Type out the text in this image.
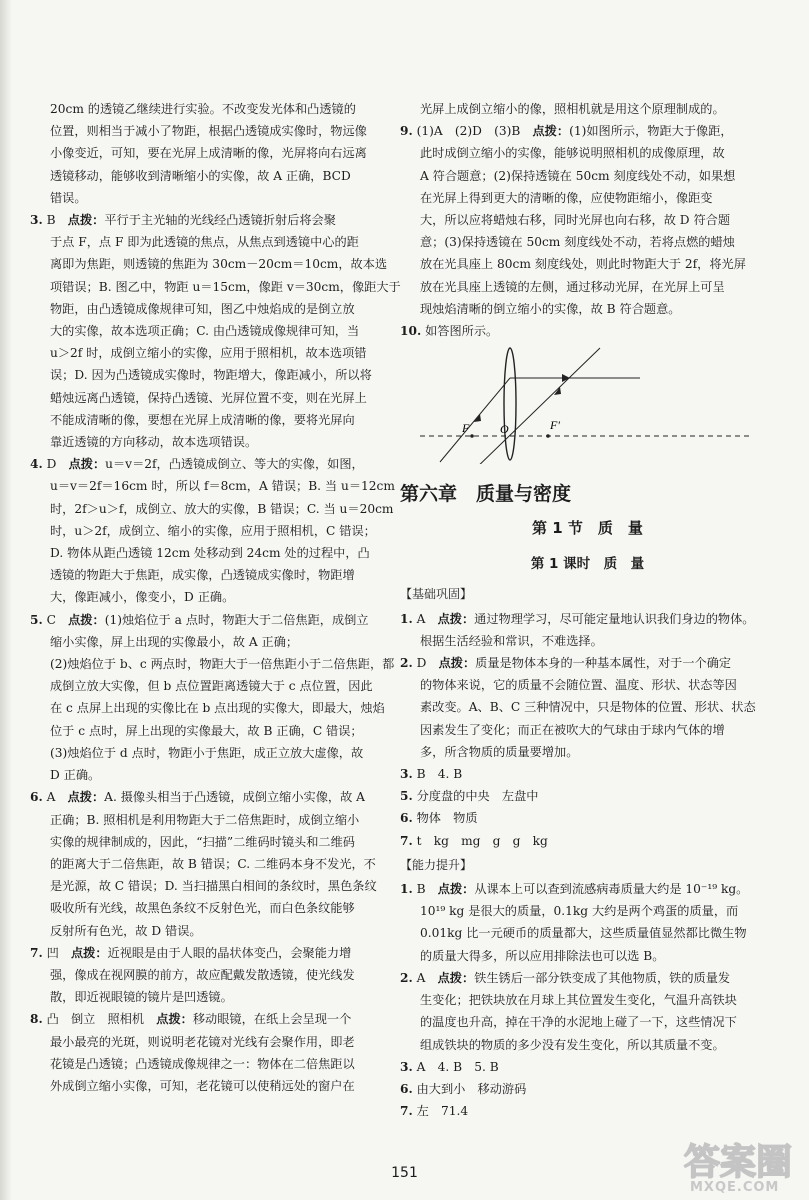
20cm 的透镜乙继续进行实验。不改变发光体和凸透镜的

位置，则相当于减小了物距，根据凸透镜成实像时，物远像

小像变近，可知，要在光屏上成清晰的像，光屏将向右远离

透镜移动，能够收到清晰缩小的实像，故 A 正确，BCD

错误。

3. B　 点拨：平行于主光轴的光线经凸透镜折射后将会聚

于点 F，点 F 即为此透镜的焦点，从焦点到透镜中心的距

离即为焦距，则透镜的焦距为 30cm－20cm＝10cm，故本选

项错误；B. 图乙中，物距 u＝15cm，像距 v＝30cm，像距大于

物距，由凸透镜成像规律可知，图乙中烛焰成的是倒立放

大的实像，故本选项正确；C. 由凸透镜成像规律可知，当

u＞2f 时，成倒立缩小的实像，应用于照相机，故本选项错

误；D. 因为凸透镜成实像时，物距增大，像距减小，所以将

蜡烛远离凸透镜，保持凸透镜、光屏位置不变，则在光屏上

不能成清晰的像，要想在光屏上成清晰的像，要将光屏向

靠近透镜的方向移动，故本选项错误。

4. D　 点拨：u＝v＝2f，凸透镜成倒立、等大的实像，如图，

u＝v＝2f＝16cm 时，所以 f＝8cm，A 错误；B. 当 u＝12cm

时，2f＞u＞f，成倒立、放大的实像，B 错误；C. 当 u＝20cm

时，u＞2f，成倒立、缩小的实像，应用于照相机，C 错误；

D. 物体从距凸透镜 12cm 处移动到 24cm 处的过程中，凸

透镜的物距大于焦距，成实像，凸透镜成实像时，物距增

大，像距减小，像变小，D 正确。

5. C　 点拨：(1)烛焰位于 a 点时，物距大于二倍焦距，成倒立

缩小实像，屏上出现的实像最小，故 A 正确；

(2)烛焰位于 b、c 两点时，物距大于一倍焦距小于二倍焦距，都

成倒立放大实像，但 b 点位置距离透镜大于 c 点位置，因此

在 c 点屏上出现的实像比在 b 点出现的实像大，即最大，烛焰

位于 c 点时，屏上出现的实像最大，故 B 正确，C 错误；

(3)烛焰位于 d 点时，物距小于焦距，成正立放大虚像，故

D 正确。

6. A　 点拨：A. 摄像头相当于凸透镜，成倒立缩小实像，故 A

正确；B. 照相机是利用物距大于二倍焦距时，成倒立缩小

实像的规律制成的，因此，“扫描”二维码时镜头和二维码

的距离大于二倍焦距，故 B 错误；C. 二维码本身不发光，不

是光源，故 C 错误；D. 当扫描黑白相间的条纹时，黑色条纹

吸收所有光线，故黑色条纹不反射色光，而白色条纹能够

反射所有色光，故 D 错误。

7. 凹　 点拨：近视眼是由于人眼的晶状体变凸，会聚能力增

强，像成在视网膜的前方，故应配戴发散透镜，使光线发

散，即近视眼镜的镜片是凹透镜。

8. 凸　倒立　照相机　 点拨：移动眼镜，在纸上会呈现一个

最小最亮的光斑，则说明老花镜对光线有会聚作用，即老

花镜是凸透镜；凸透镜成像规律之一：物体在二倍焦距以

外成倒立缩小实像，可知，老花镜可以使稍远处的窗户在

光屏上成倒立缩小的像，照相机就是用这个原理制成的。

9. (1)A　(2)D　(3)B　 点拨：(1)如图所示，物距大于像距，

此时成倒立缩小的实像，能够说明照相机的成像原理，故

A 符合题意；(2)保持透镜在 50cm 刻度线处不动，如果想

在光屏上得到更大的清晰的像，应使物距缩小，像距变

大，所以应将蜡烛右移，同时光屏也向右移，故 D 符合题

意；(3)保持透镜在 50cm 刻度线处不动，若将点燃的蜡烛

放在光具座上 80cm 刻度线处，则此时物距大于 2f，将光屏

放在光具座上透镜的左侧，通过移动光屏，在光屏上可呈

现烛焰清晰的倒立缩小的实像，故 B 符合题意。

10. 如答图所示。

F	O	F′
第六章　质量与密度
第 1 节　质　量
第 1 课时　质　量

【基础巩固】

1. A　 点拨：通过物理学习，尽可能定量地认识我们身边的物体。

根据生活经验和常识，不难选择。

2. D　 点拨：质量是物体本身的一种基本属性，对于一个确定

的物体来说，它的质量不会随位置、温度、形状、状态等因

素改变。A、B、C 三种情况中，只是物体的位置、形状、状态

因素发生了变化；而正在被吹大的气球由于球内气体的增

多，所含物质的质量要增加。

3. B　4. B　

5. 分度盘的中央　左盘中

6. 物体　物质

7. t　kg　mg　g　g　kg

【能力提升】

1. B　 点拨：从课本上可以查到流感病毒质量大约是 10⁻¹⁹ kg。

10¹⁹ kg 是很大的质量，0.1kg 大约是两个鸡蛋的质量，而

0.01kg 比一元硬币的质量都大，这些质量值显然都比微生物

的质量大得多，所以应用排除法也可以选 B。

2. A　 点拨：铁生锈后一部分铁变成了其他物质，铁的质量发

生变化；把铁块放在月球上其位置发生变化，气温升高铁块

的温度也升高，掉在干净的水泥地上碰了一下，这些情况下

组成铁块的物质的多少没有发生变化，所以其质量不变。

3. A　4. B　5. B　

6. 由大到小　移动游码

7. 左　71.4

151	答案圈
MXQE.COM
